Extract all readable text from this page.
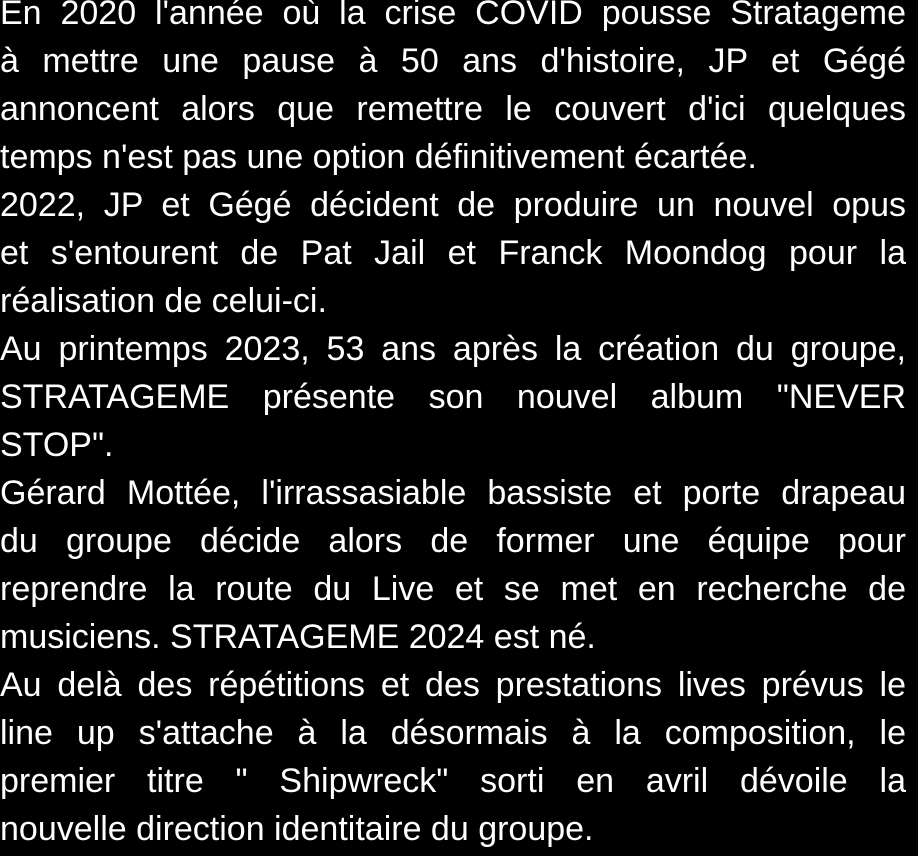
En 2020 l'année où la crise COVID pousse Stratageme
à mettre une pause à 50 ans d'histoire, JP et Gégé
annoncent alors que remettre le couvert d'ici quelques
temps n'est pas une option définitivement écartée.

2022, JP et Gégé décident de produire un nouvel opus
et s'entourent de Pat Jail et Franck Moondog pour la
réalisation de celui-ci.

Au printemps 2023, 53 ans après la création du groupe,
STRATAGEME présente son nouvel album "NEVER
STOP".

Gérard Mottée, l'irrassasiable bassiste et porte drapeau
du groupe décide alors de former une équipe pour
reprendre la route du Live et se met en recherche de
musiciens. STRATAGEME 2024 est né.

Au delà des répétitions et des prestations lives prévus le
line up s'attache à la désormais à la composition, le
premier titre " Shipwreck" sorti en avril dévoile la
nouvelle direction identitaire du groupe.
